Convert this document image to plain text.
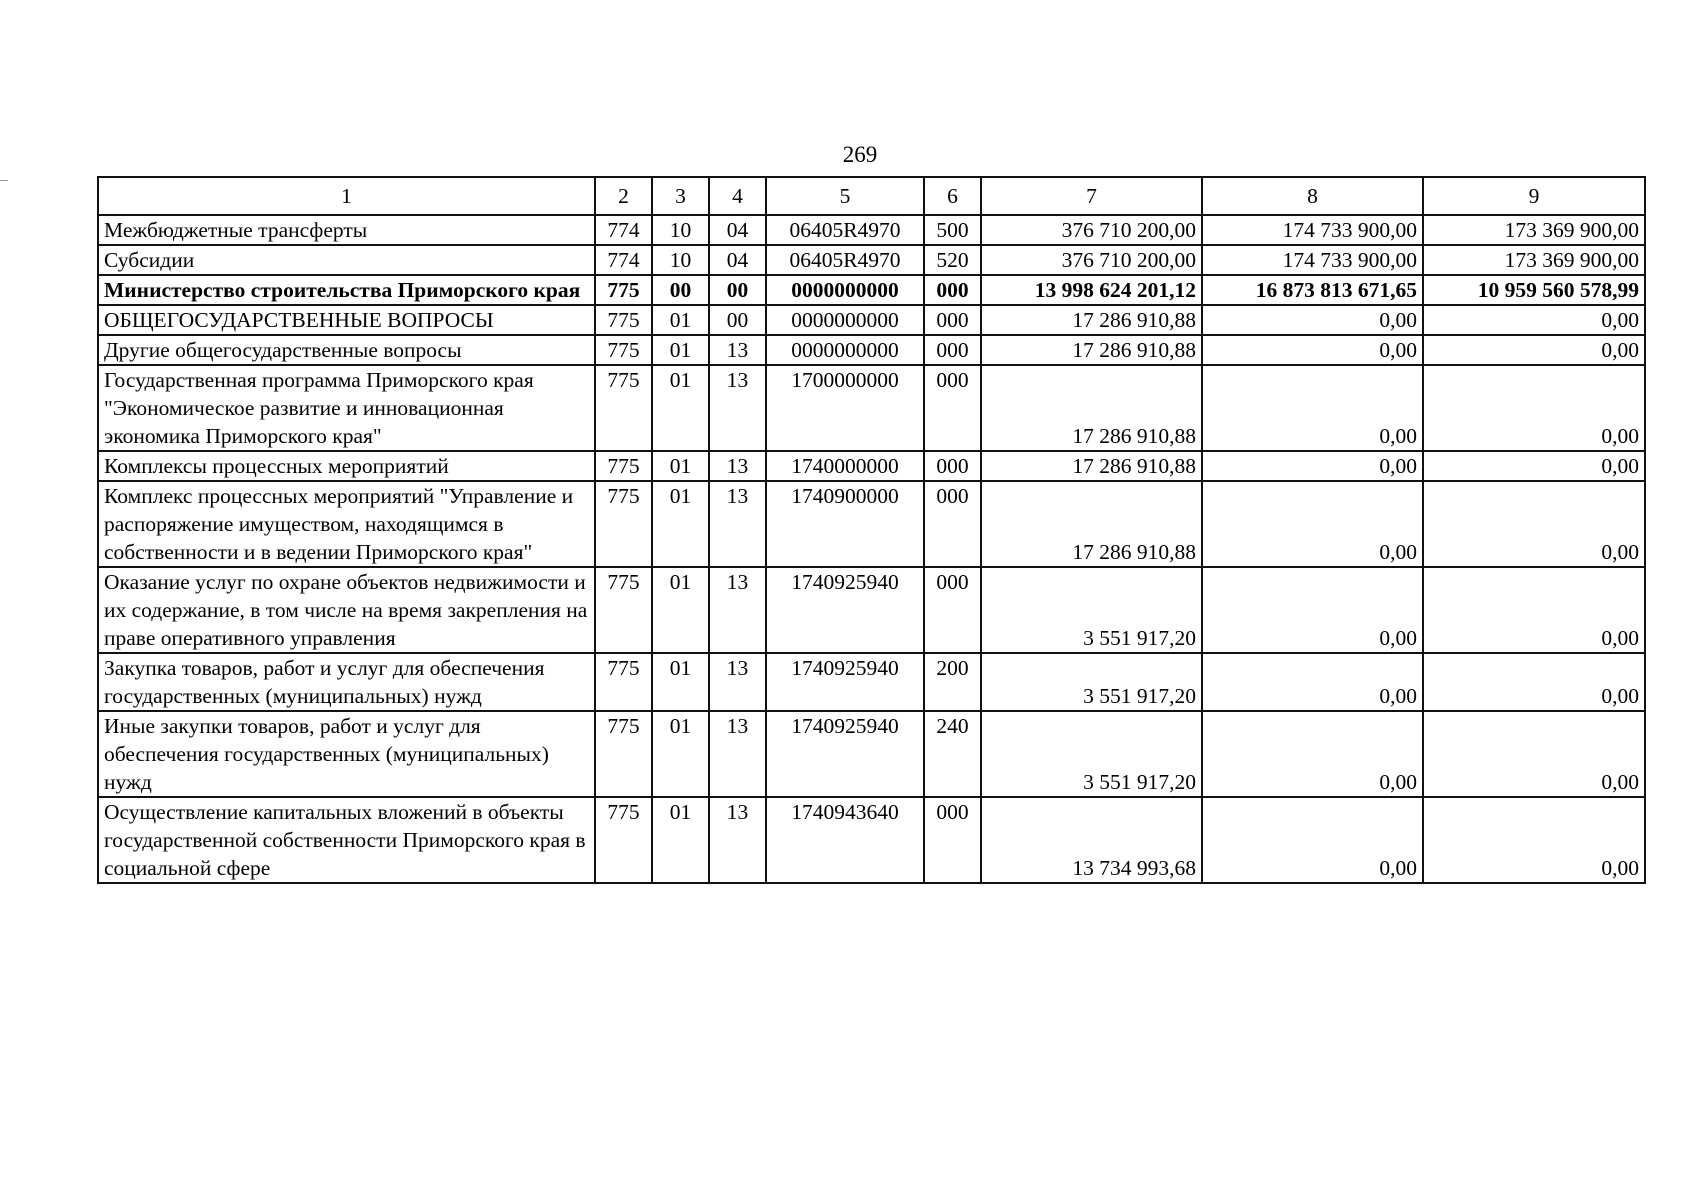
269
1	2	3	4	5	6	7	8	9
Межбюджетные трансферты	774	10	04	06405R4970	500	376 710 200,00	174 733 900,00	173 369 900,00
Субсидии	774	10	04	06405R4970	520	376 710 200,00	174 733 900,00	173 369 900,00
Министерство строительства Приморского края	775	00	00	0000000000	000	13 998 624 201,12	16 873 813 671,65	10 959 560 578,99
ОБЩЕГОСУДАРСТВЕННЫЕ ВОПРОСЫ	775	01	00	0000000000	000	17 286 910,88	0,00	0,00
Другие общегосударственные вопросы	775	01	13	0000000000	000	17 286 910,88	0,00	0,00
Государственная программа Приморского края "Экономическое развитие и инновационная экономика Приморского края"	775	01	13	1700000000	000	17 286 910,88	0,00	0,00
Комплексы процессных мероприятий	775	01	13	1740000000	000	17 286 910,88	0,00	0,00
Комплекс процессных мероприятий "Управление и распоряжение имуществом, находящимся в собственности и в ведении Приморского края"	775	01	13	1740900000	000	17 286 910,88	0,00	0,00
Оказание услуг по охране объектов недвижимости и их содержание, в том числе на время закрепления на праве оперативного управления	775	01	13	1740925940	000	3 551 917,20	0,00	0,00
Закупка товаров, работ и услуг для обеспечения государственных (муниципальных) нужд	775	01	13	1740925940	200	3 551 917,20	0,00	0,00
Иные закупки товаров, работ и услуг для обеспечения государственных (муниципальных) нужд	775	01	13	1740925940	240	3 551 917,20	0,00	0,00
Осуществление капитальных вложений в объекты государственной собственности Приморского края в социальной сфере	775	01	13	1740943640	000	13 734 993,68	0,00	0,00
